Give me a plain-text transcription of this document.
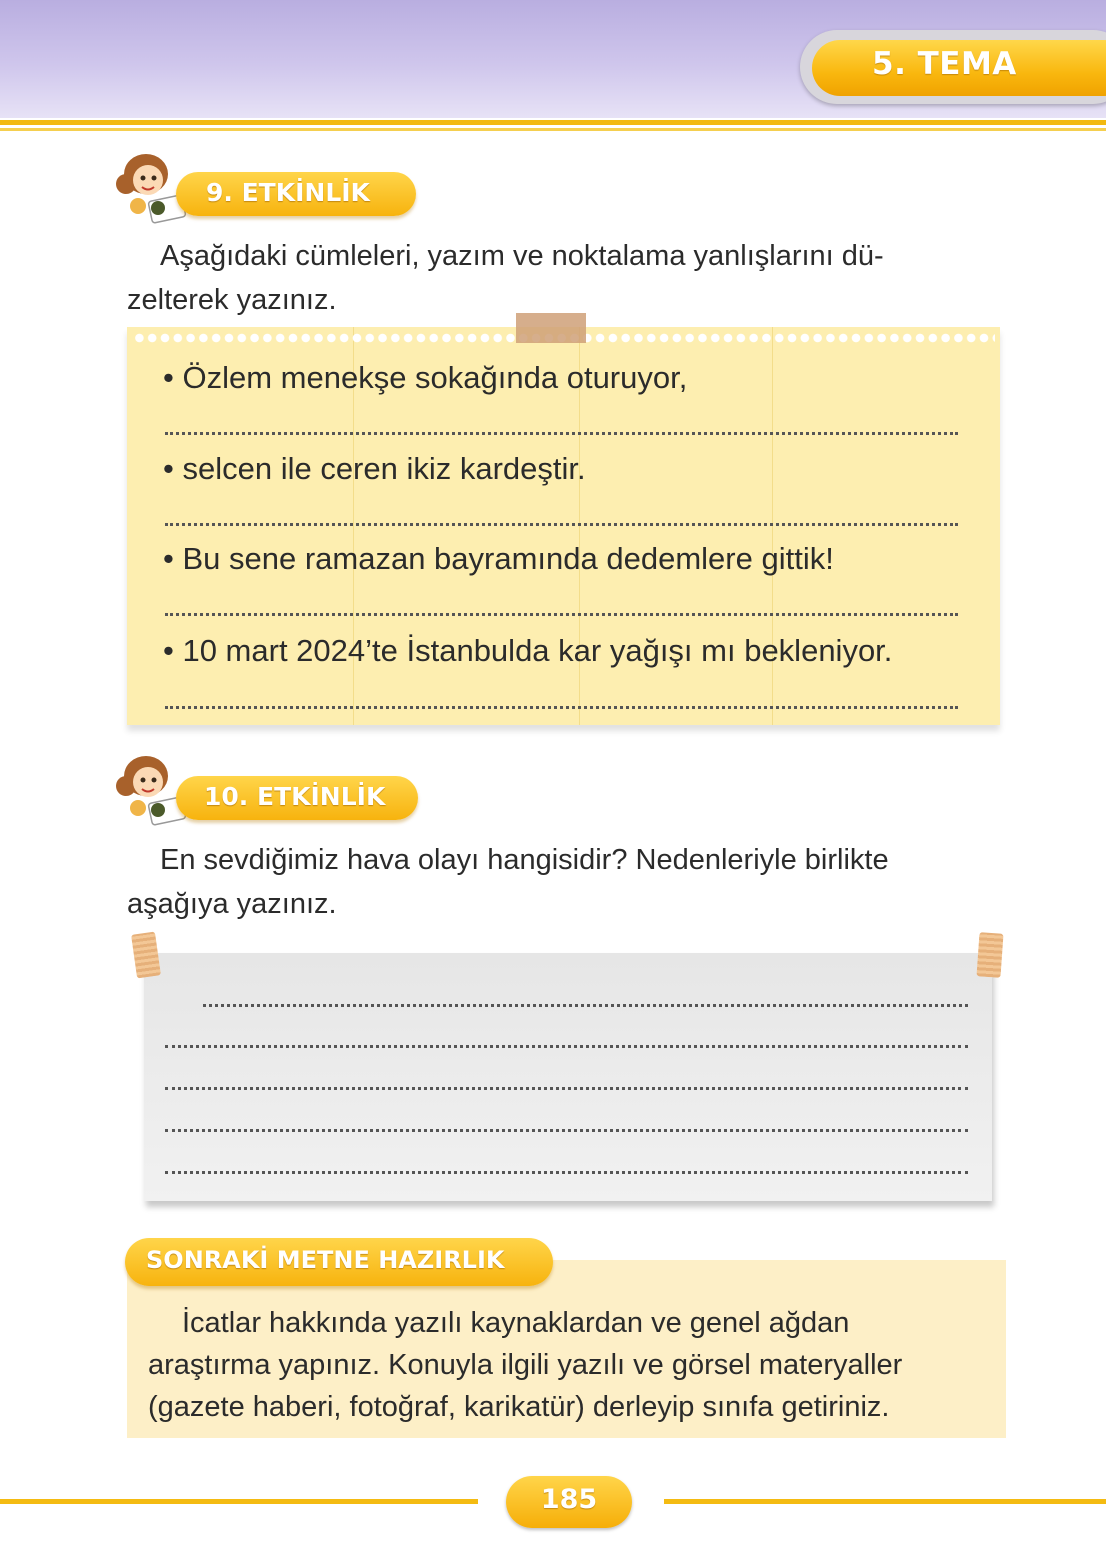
5. TEMA
9. ETKİNLİK
Aşağıdaki cümleleri, yazım ve noktalama yanlışlarını dü-
zelterek yazınız.
• Özlem menekşe sokağında oturuyor,
• selcen ile ceren ikiz kardeştir.
• Bu sene ramazan bayramında dedemlere gittik!
• 10 mart 2024’te İstanbulda kar yağışı mı bekleniyor.
10. ETKİNLİK
En sevdiğimiz hava olayı hangisidir? Nedenleriyle birlikte
aşağıya yazınız.
SONRAKİ METNE HAZIRLIK
İcatlar hakkında yazılı kaynaklardan ve genel ağdan
araştırma yapınız. Konuyla ilgili yazılı ve görsel materyaller
(gazete haberi, fotoğraf, karikatür) derleyip sınıfa getiriniz.
185
